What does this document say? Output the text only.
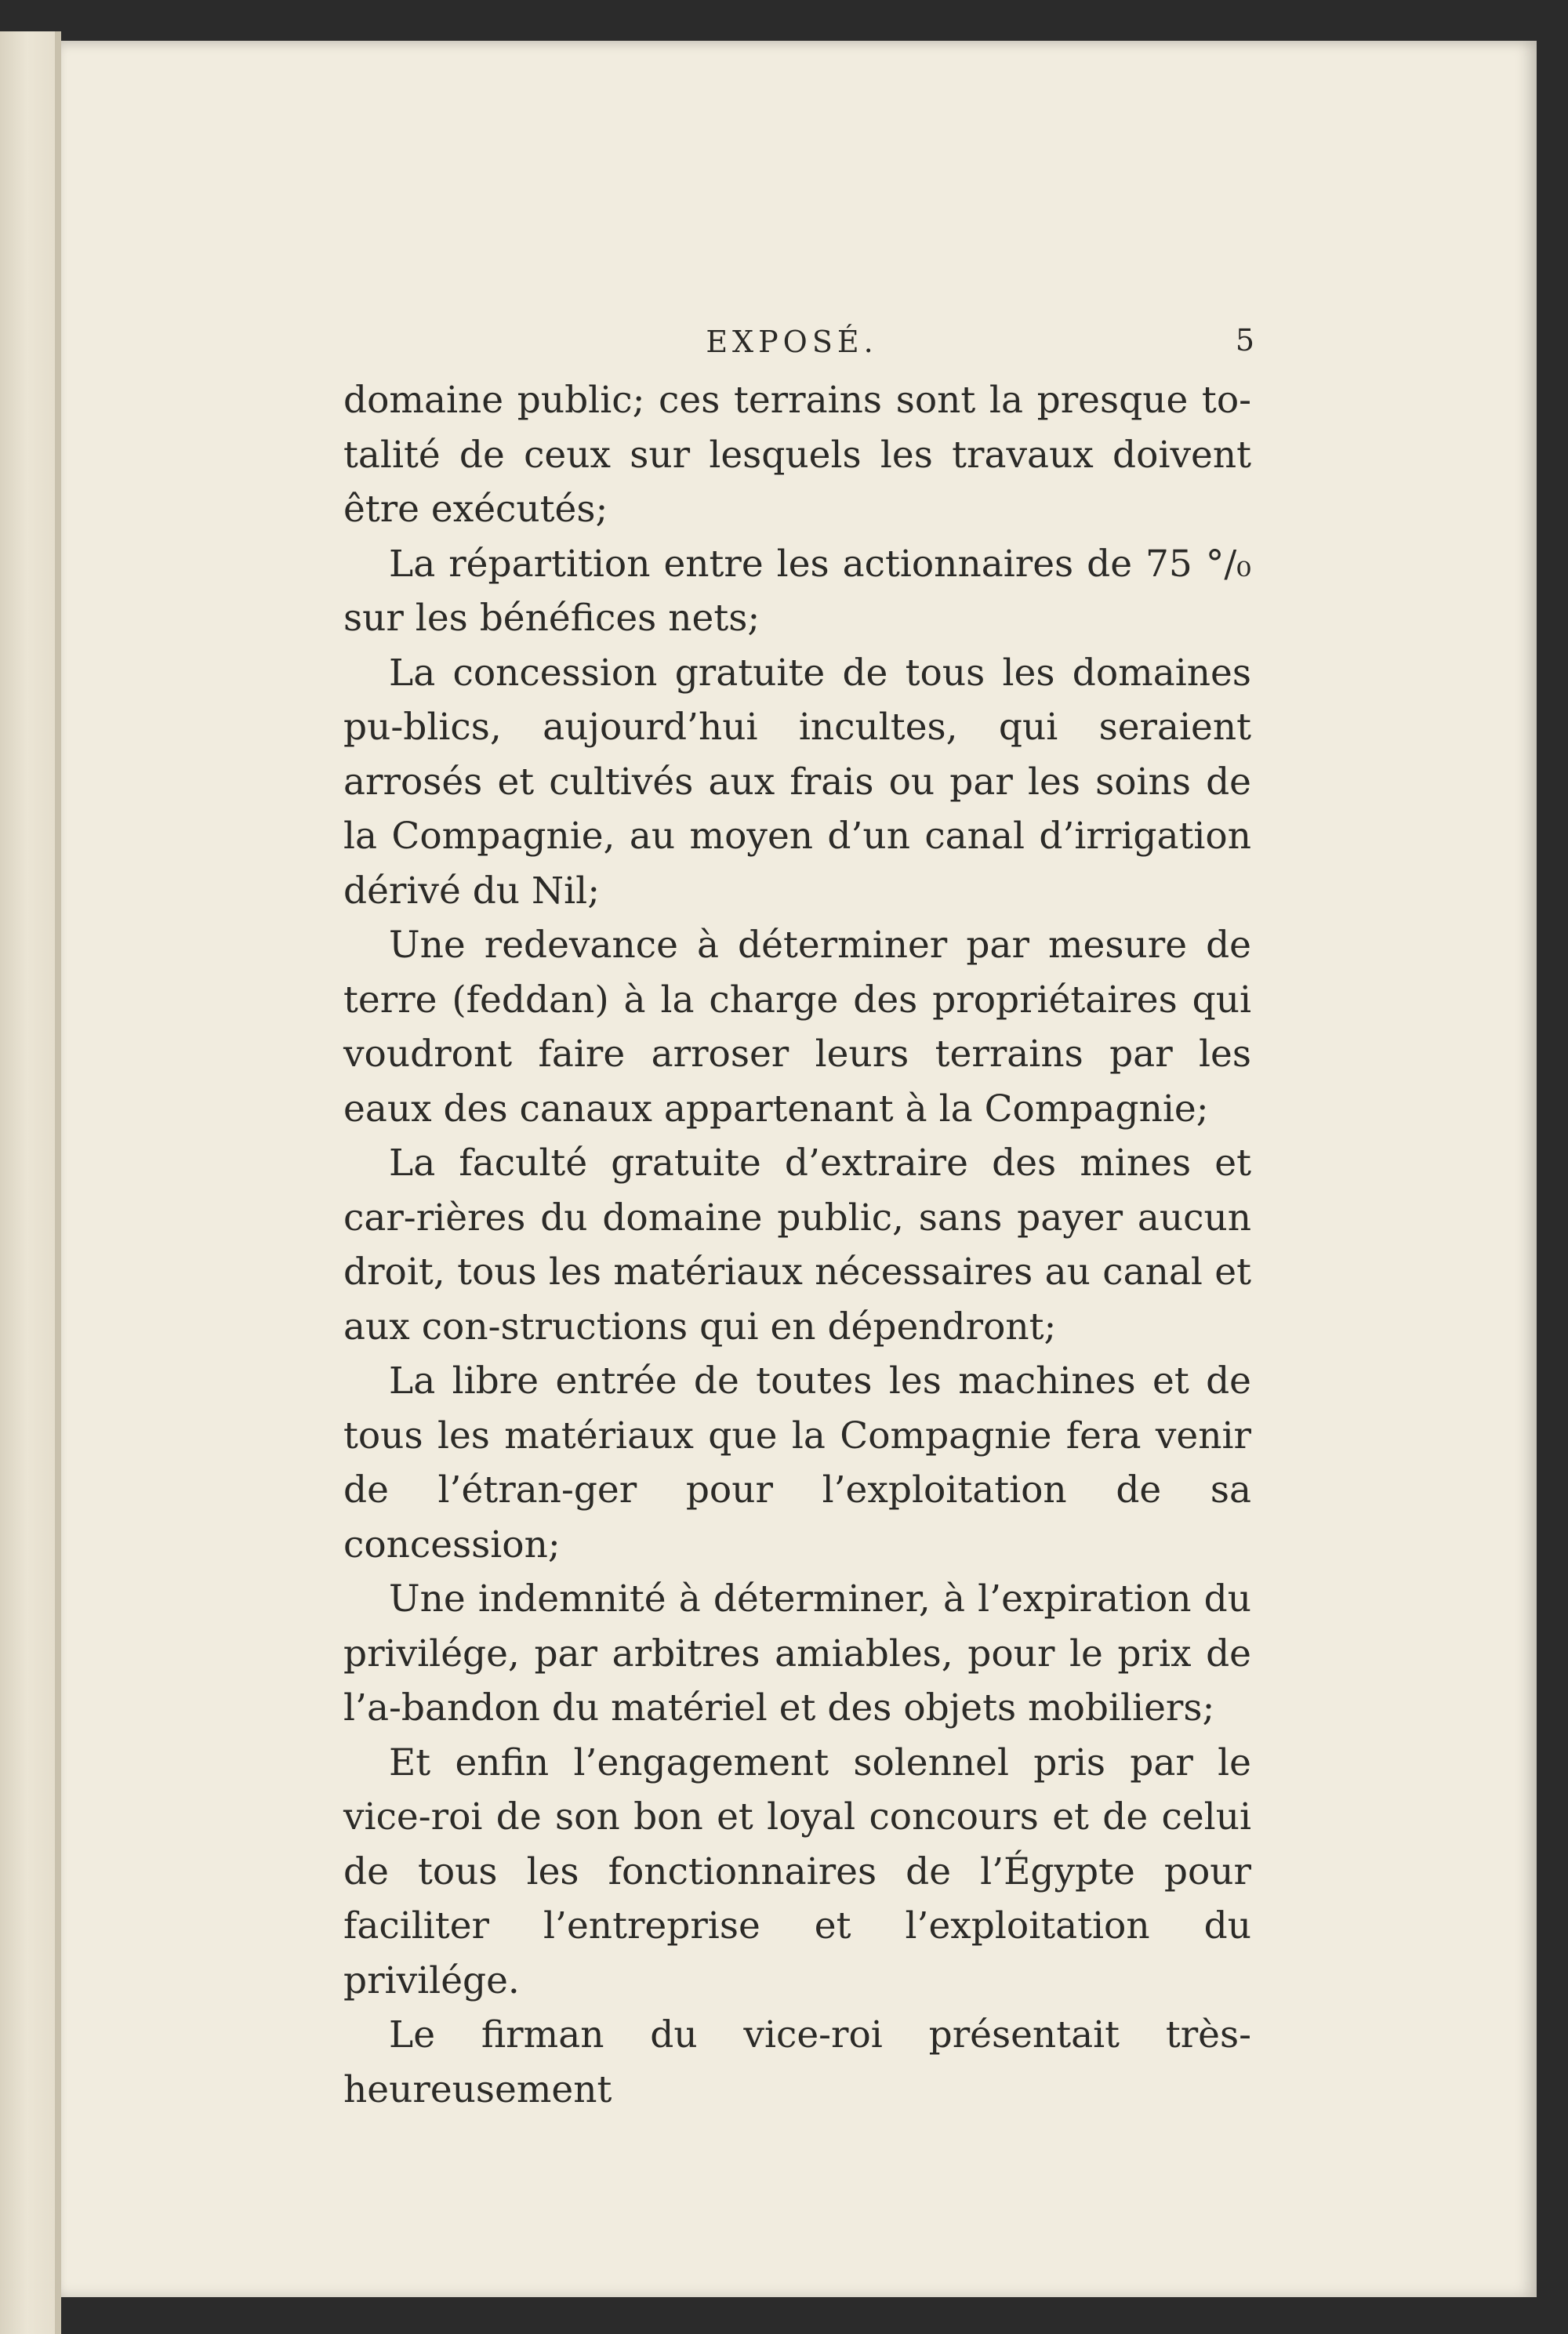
EXPOSÉ.	5

domaine public; ces terrains sont la presque to-talité de ceux sur lesquels les travaux doivent être exécutés;

La répartition entre les actionnaires de 75 °/₀ sur les bénéfices nets;

La concession gratuite de tous les domaines pu-blics, aujourd’hui incultes, qui seraient arrosés et cultivés aux frais ou par les soins de la Compagnie, au moyen d’un canal d’irrigation dérivé du Nil;

Une redevance à déterminer par mesure de terre (feddan) à la charge des propriétaires qui voudront faire arroser leurs terrains par les eaux des canaux appartenant à la Compagnie;

La faculté gratuite d’extraire des mines et car-rières du domaine public, sans payer aucun droit, tous les matériaux nécessaires au canal et aux con-structions qui en dépendront;

La libre entrée de toutes les machines et de tous les matériaux que la Compagnie fera venir de l’étran-ger pour l’exploitation de sa concession;

Une indemnité à déterminer, à l’expiration du privilége, par arbitres amiables, pour le prix de l’a-bandon du matériel et des objets mobiliers;

Et enfin l’engagement solennel pris par le vice-roi de son bon et loyal concours et de celui de tous les fonctionnaires de l’Égypte pour faciliter l’entreprise et l’exploitation du privilége.

Le firman du vice-roi présentait très-heureusement
